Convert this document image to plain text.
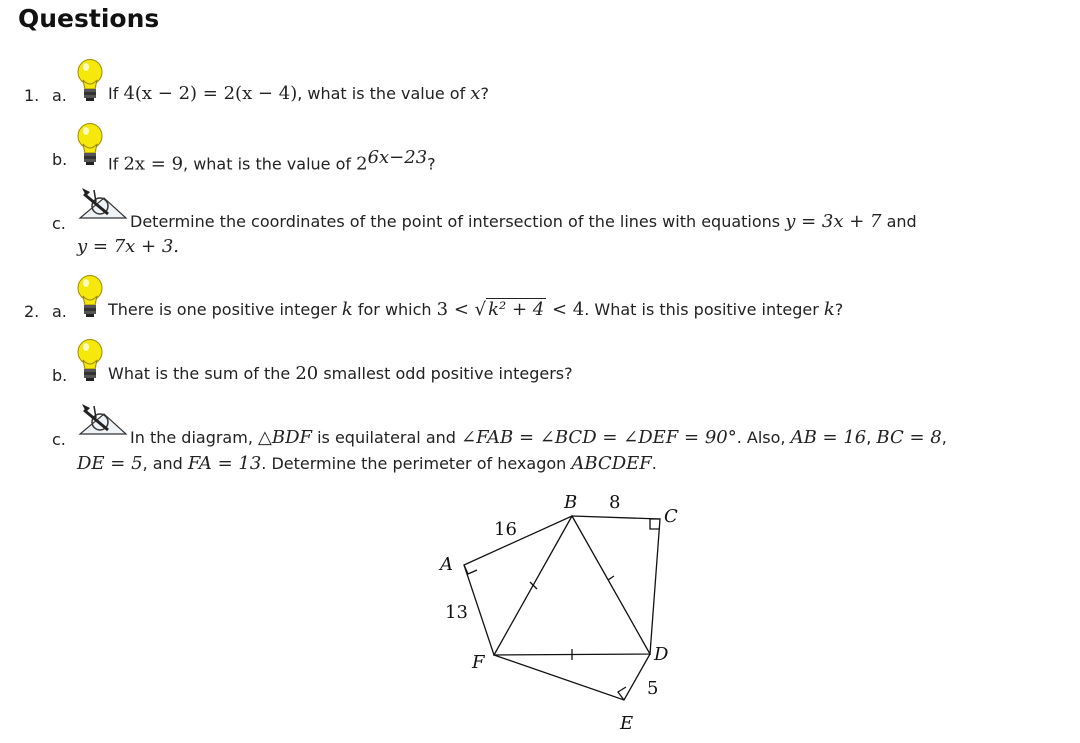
Questions
1. a.	If 4(x − 2) = 2(x − 4), what is the value of x?
b.	If 2x = 9, what is the value of $2^{6x-23}$?
c.	Determine the coordinates of the point of intersection of the lines with equations y = 3x + 7 and
y = 7x + 3.
2. a.	There is one positive integer k for which 3 < √ k² + 4 < 4. What is this positive integer k?
b.	What is the sum of the 20 smallest odd positive integers?
c.	In the diagram, △BDF is equilateral and ∠FAB = ∠BCD = ∠DEF = 90°. Also, AB = 16, BC = 8,
DE = 5, and FA = 13. Determine the perimeter of hexagon ABCDEF.
A
B
C
D
E
F
16
8
13
5
